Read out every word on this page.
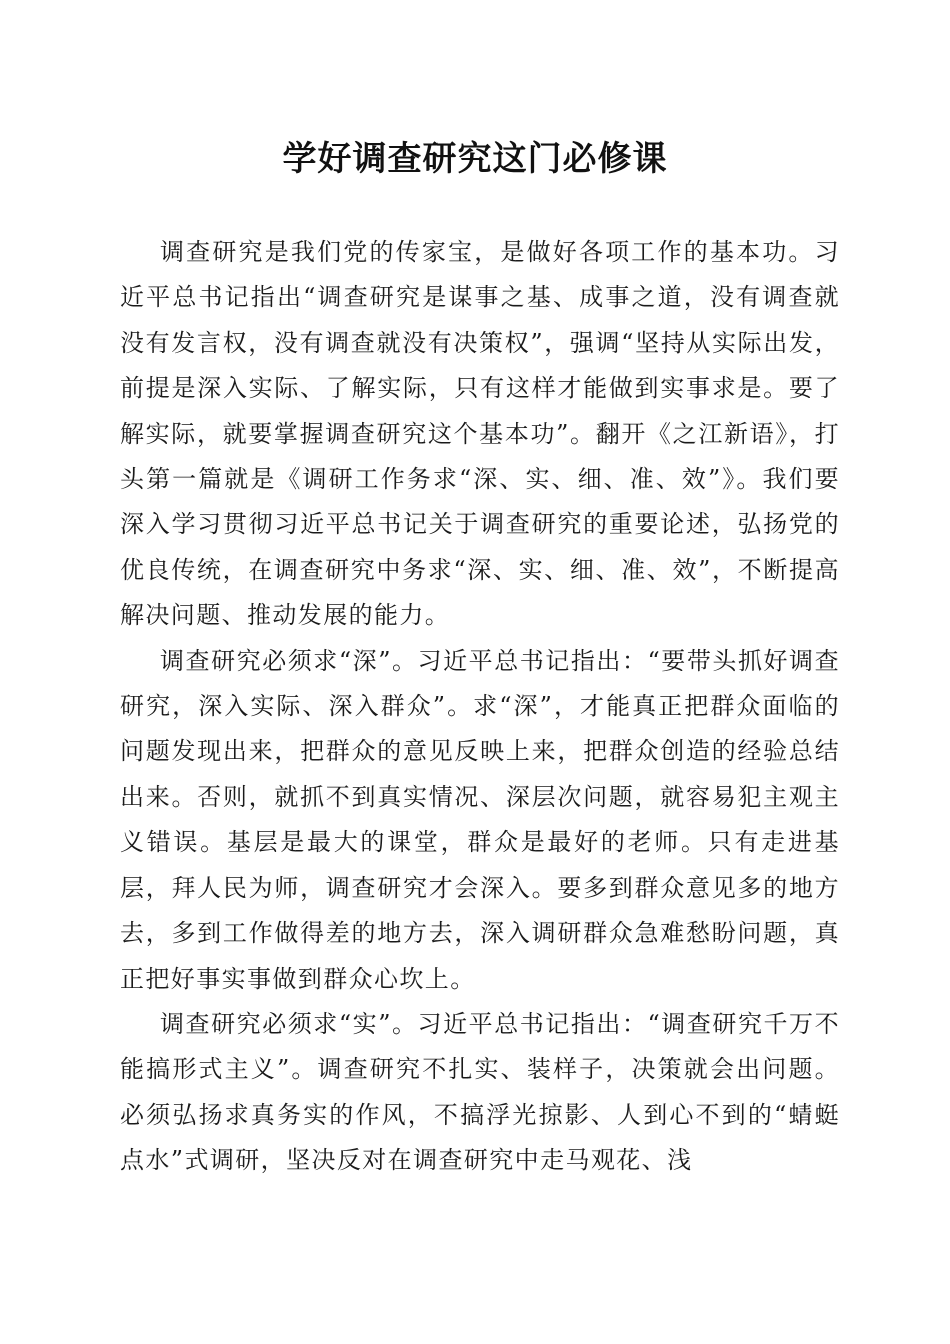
学好调查研究这门必修课

调查研究是我们党的传家宝，是做好各项工作的基本功。习近平总书记指出“调查研究是谋事之基、成事之道，没有调查就没有发言权，没有调查就没有决策权”，强调“坚持从实际出发，前提是深入实际、了解实际，只有这样才能做到实事求是。要了解实际，就要掌握调查研究这个基本功”。翻开《之江新语》，打头第一篇就是《调研工作务求“深、实、细、准、效”》。我们要深入学习贯彻习近平总书记关于调查研究的重要论述，弘扬党的优良传统，在调查研究中务求“深、实、细、准、效”，不断提高解决问题、推动发展的能力。

调查研究必须求“深”。习近平总书记指出：“要带头抓好调查研究，深入实际、深入群众”。求“深”，才能真正把群众面临的问题发现出来，把群众的意见反映上来，把群众创造的经验总结出来。否则，就抓不到真实情况、深层次问题，就容易犯主观主义错误。基层是最大的课堂，群众是最好的老师。只有走进基层，拜人民为师，调查研究才会深入。要多到群众意见多的地方去，多到工作做得差的地方去，深入调研群众急难愁盼问题，真正把好事实事做到群众心坎上。

调查研究必须求“实”。习近平总书记指出：“调查研究千万不能搞形式主义”。调查研究不扎实、装样子，决策就会出问题。必须弘扬求真务实的作风，不搞浮光掠影、人到心不到的“蜻蜓点水”式调研，坚决反对在调查研究中走马观花、浅
